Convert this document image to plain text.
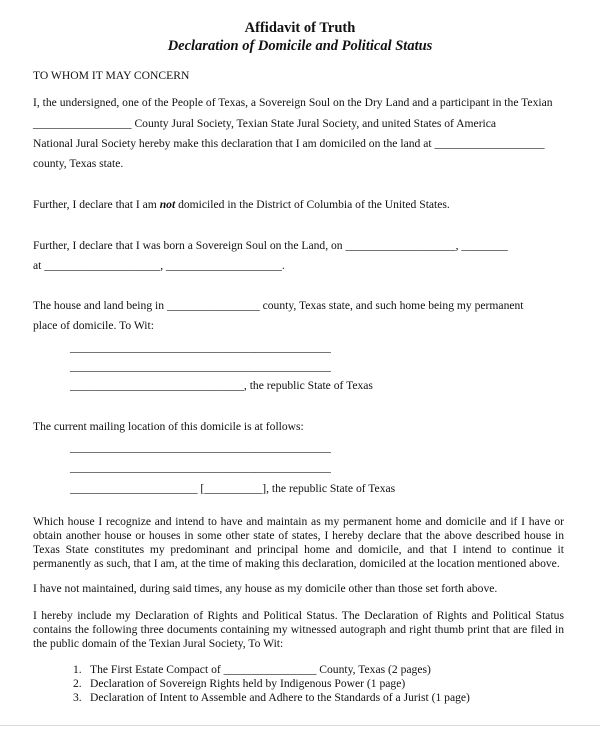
Affidavit of Truth
Declaration of Domicile and Political Status
TO WHOM IT MAY CONCERN
I, the undersigned, one of the People of Texas, a Sovereign Soul on the Dry Land and a participant in the Texian
_________________ County Jural Society, Texian State Jural Society, and united States of America
National Jural Society hereby make this declaration that I am domiciled on the land at ___________________
county, Texas state.
Further, I declare that I am not domiciled in the District of Columbia of the United States.
Further, I declare that I was born a Sovereign Soul on the Land, on ___________________, ________
at ____________________, ____________________.
The house and land being in ________________ county, Texas state, and such home being my permanent
place of domicile. To Wit:
_____________________________________________
_____________________________________________
______________________________, the republic State of Texas
The current mailing location of this domicile is at follows:
_____________________________________________
_____________________________________________
______________________ [__________], the republic State of Texas
Which house I recognize and intend to have and maintain as my permanent home and domicile and if I have or obtain another house or houses in some other state of states, I hereby declare that the above described house in Texas State constitutes my predominant and principal home and domicile, and that I intend to continue it permanently as such, that I am, at the time of making this declaration, domiciled at the location mentioned above.
I have not maintained, during said times, any house as my domicile other than those set forth above.
I hereby include my Declaration of Rights and Political Status. The Declaration of Rights and Political Status contains the following three documents containing my witnessed autograph and right thumb print that are filed in the public domain of the Texian Jural Society, To Wit:
1. The First Estate Compact of ________________ County, Texas (2 pages)
2. Declaration of Sovereign Rights held by Indigenous Power (1 page)
3. Declaration of Intent to Assemble and Adhere to the Standards of a Jurist (1 page)
